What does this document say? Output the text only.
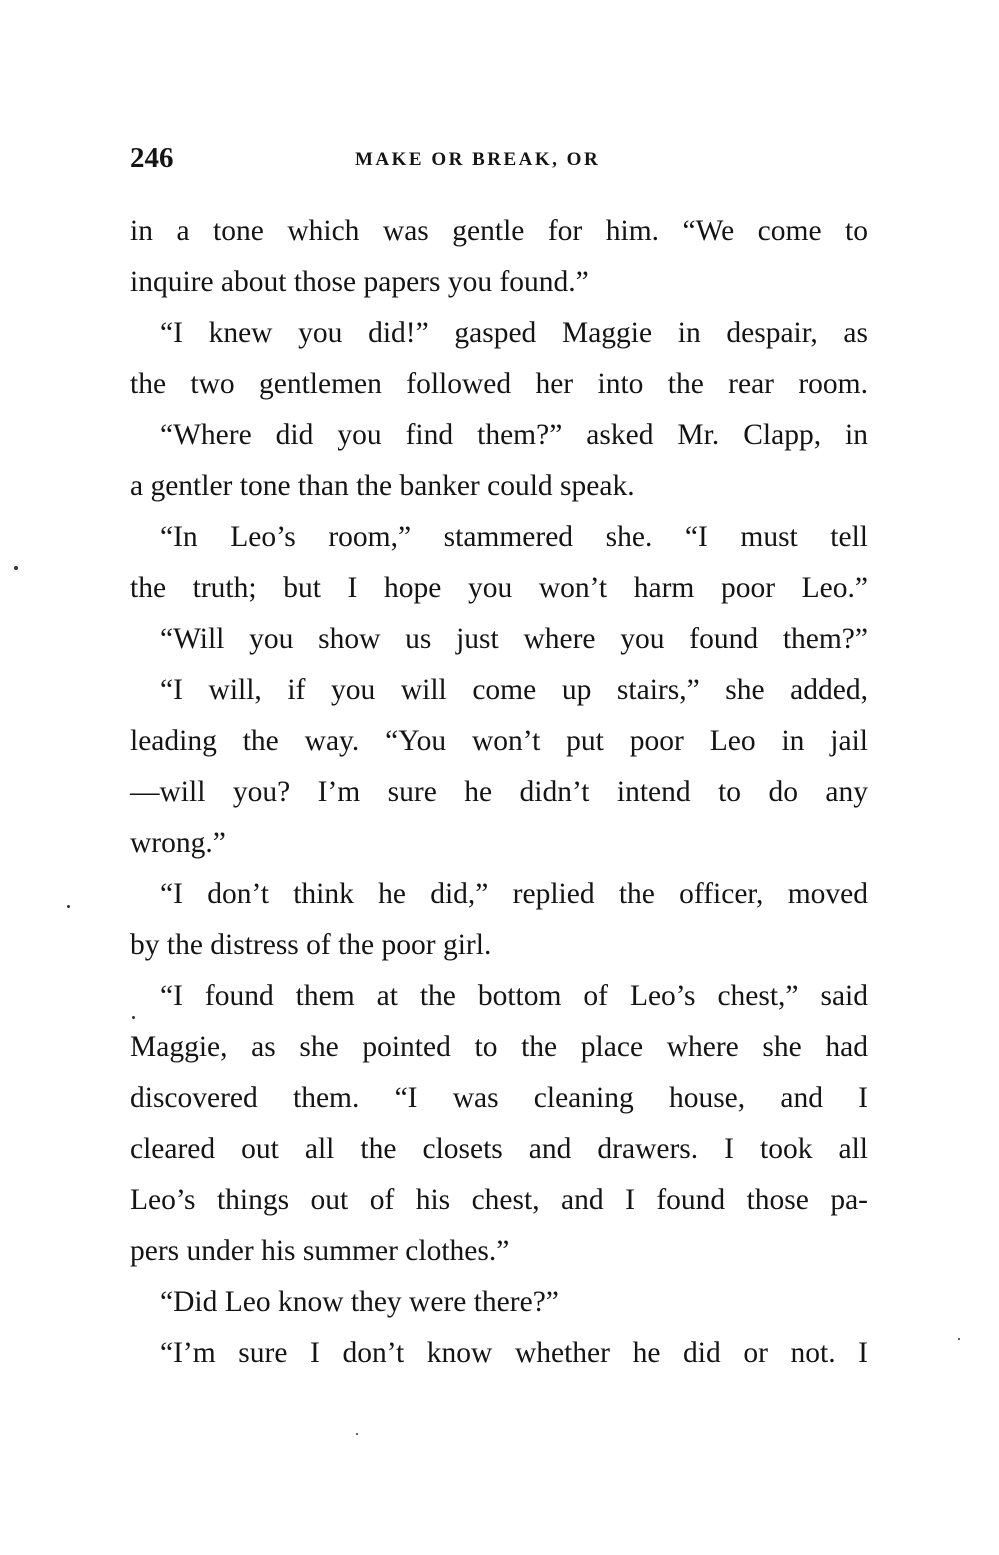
246	MAKE OR BREAK, OR
in a tone which was gentle for him. “We come to
inquire about those papers you found.”
“I knew you did!” gasped Maggie in despair, as
the two gentlemen followed her into the rear room.
“Where did you find them?” asked Mr. Clapp, in
a gentler tone than the banker could speak.
“In Leo’s room,” stammered she. “I must tell
the truth; but I hope you won’t harm poor Leo.”
“Will you show us just where you found them?”
“I will, if you will come up stairs,” she added,
leading the way. “You won’t put poor Leo in jail
—will you? I’m sure he didn’t intend to do any
wrong.”
“I don’t think he did,” replied the officer, moved
by the distress of the poor girl.
“I found them at the bottom of Leo’s chest,” said
Maggie, as she pointed to the place where she had
discovered them. “I was cleaning house, and I
cleared out all the closets and drawers. I took all
Leo’s things out of his chest, and I found those pa-
pers under his summer clothes.”
“Did Leo know they were there?”
“I’m sure I don’t know whether he did or not. I
